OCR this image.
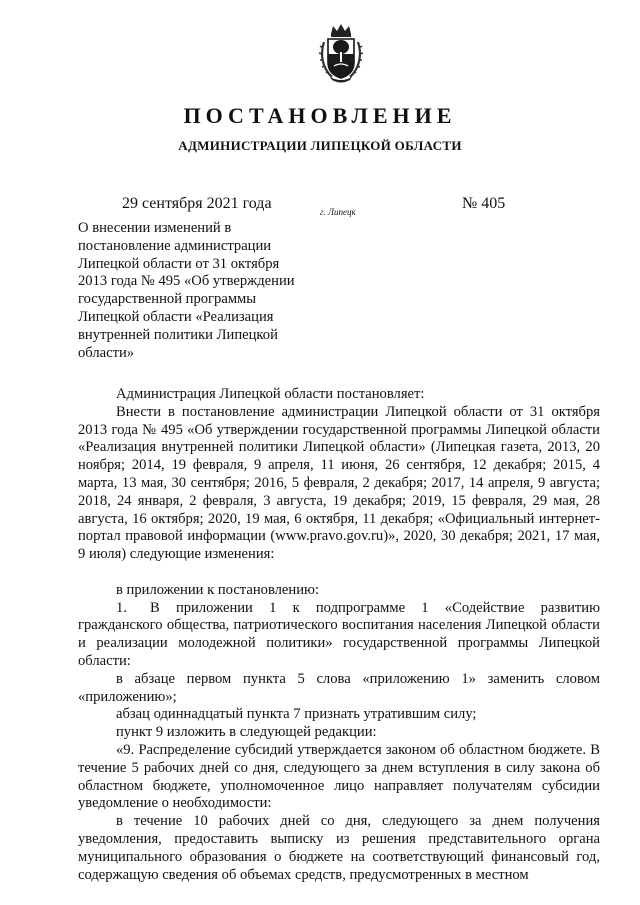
ПОСТАНОВЛЕНИЕ
АДМИНИСТРАЦИИ ЛИПЕЦКОЙ ОБЛАСТИ
29 сентября 2021 года	г. Липецк	№ 405
О внесении изменений в
постановление администрации
Липецкой области от 31 октября
2013 года № 495 «Об утверждении
государственной программы
Липецкой области «Реализация
внутренней политики Липецкой
области»

Администрация Липецкой области постановляет:

Внести в постановление администрации Липецкой области от 31 октября 2013 года № 495 «Об утверждении государственной программы Липецкой области «Реализация внутренней политики Липецкой области» (Липецкая газета, 2013, 20 ноября; 2014, 19 февраля, 9 апреля, 11 июня, 26 сентября, 12 декабря; 2015, 4 марта, 13 мая, 30 сентября; 2016, 5 февраля, 2 декабря; 2017, 14 апреля, 9 августа; 2018, 24 января, 2 февраля, 3 августа, 19 декабря; 2019, 15 февраля, 29 мая, 28 августа, 16 октября; 2020, 19 мая, 6 октября, 11 декабря; «Официальный интернет-портал правовой информации (www.pravo.gov.ru)», 2020, 30 декабря; 2021, 17 мая, 9 июля) следующие изменения:

в приложении к постановлению:

1. В приложении 1 к подпрограмме 1 «Содействие развитию гражданского общества, патриотического воспитания населения Липецкой области и реализации молодежной политики» государственной программы Липецкой области:

в абзаце первом пункта 5 слова «приложению 1» заменить словом «приложению»;

абзац одиннадцатый пункта 7 признать утратившим силу;

пункт 9 изложить в следующей редакции:

«9. Распределение субсидий утверждается законом об областном бюджете. В течение 5 рабочих дней со дня, следующего за днем вступления в силу закона об областном бюджете, уполномоченное лицо направляет получателям субсидии уведомление о необходимости:

в течение 10 рабочих дней со дня, следующего за днем получения уведомления, предоставить выписку из решения представительного органа муниципального образования о бюджете на соответствующий финансовый год, содержащую сведения об объемах средств, предусмотренных в местном
